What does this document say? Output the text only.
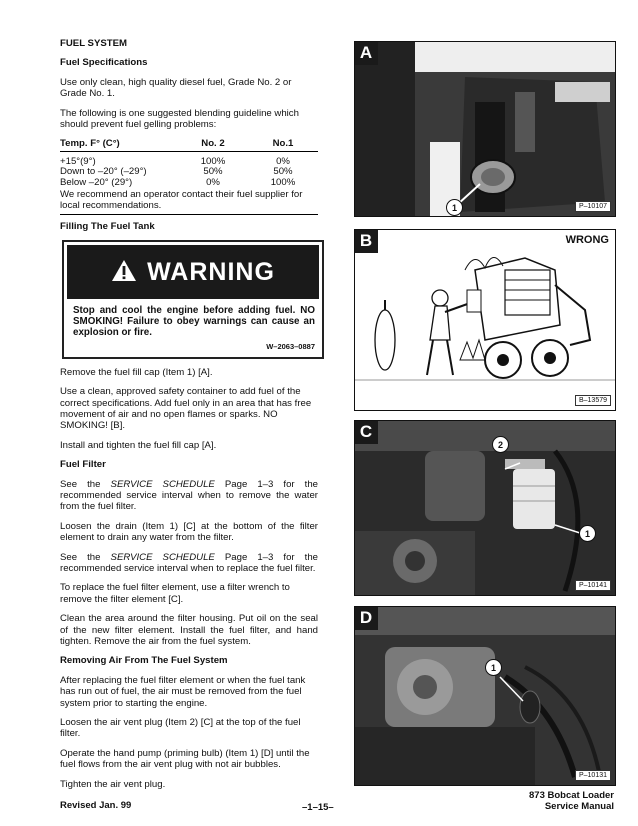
FUEL SYSTEM

Fuel Specifications

Use only clean, high quality diesel fuel, Grade No. 2 or Grade No. 1.

The following is one suggested blending guideline which should prevent fuel gelling problems:

Temp. F° (C°)	No. 2	No.1
+15°(9°)	100%	0%
Down to –20° (–29°)	50%	50%
Below –20° (29°)	0%	100%

We recommend an operator contact their fuel supplier for local recommendations.

Filling The Fuel Tank

WARNING
Stop and cool the engine before adding fuel. NO SMOKING! Failure to obey warnings can cause an explosion or fire.
W–2063–0887

Remove the fuel fill cap (Item 1) [A].

Use a clean, approved safety container to add fuel of the correct specifications. Add fuel only in an area that has free movement of air and no open flames or sparks. NO SMOKING! [B].

Install and tighten the fuel fill cap [A].

Fuel Filter

See the SERVICE SCHEDULE Page 1–3 for the recommended service interval when to remove the water from the fuel filter.

Loosen the drain (Item 1) [C] at the bottom of the filter element to drain any water from the filter.

See the SERVICE SCHEDULE Page 1–3 for the recommended service interval when to replace the fuel filter.

To replace the fuel filter element, use a filter wrench to remove the filter element [C].

Clean the area around the filter housing. Put oil on the seal of the new filter element. Install the fuel filter, and hand tighten. Remove the air from the fuel system.

Removing Air From The Fuel System

After replacing the fuel filter element or when the fuel tank has run out of fuel, the air must be removed from the fuel system prior to starting the engine.

Loosen the air vent plug (Item 2) [C] at the top of the fuel filter.

Operate the hand pump (priming bulb) (Item 1) [D] until the fuel flows from the air vent plug with not air bubbles.

Tighten the air vent plug.

A
1	P–10107
B	WRONG
B–13579
C
2
1
P–10141
D
1
P–10131
Revised Jan. 99	–1–15–
873 Bobcat Loader
Service Manual
